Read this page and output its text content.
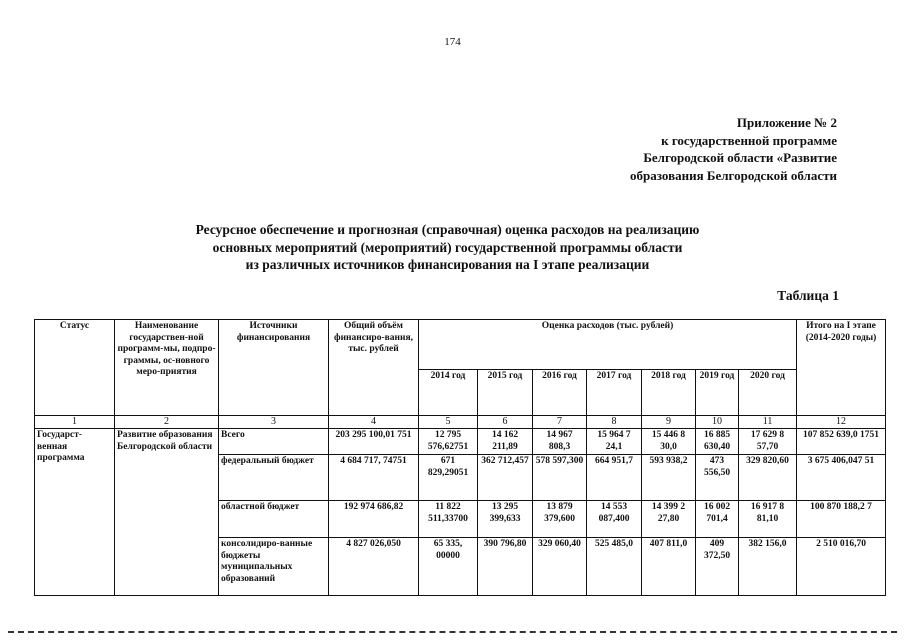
174
Приложение № 2
к государственной программе
Белгородской области «Развитие
образования Белгородской области
Ресурсное обеспечение и прогнозная (справочная) оценка расходов на реализацию
основных мероприятий (мероприятий) государственной программы области
из различных источников финансирования на I этапе реализации
Таблица 1
Статус	Наименование государствен-ной программ-мы, подпро-граммы, ос-новного меро-приятия	Источники финансирования	Общий объём финансиро-вания, тыс. рублей	Оценка расходов (тыс. рублей)							Итого на I этапе (2014-2020 годы)
				2014 год	2015 год	2016 год	2017 год	2018 год	2019 год	2020 год	
1	2	3	4	5	6	7	8	9	10	11	12
Государст-венная программа	Развитие образования Белгородской области	Всего	203 295 100,01 751	12 795 576,62751	14 162 211,89	14 967 808,3	15 964 7 24,1	15 446 8 30,0	16 885 630,40	17 629 8 57,70	107 852 639,0 1751
		федеральный бюджет	4 684 717, 74751	671 829,29051	362 712,457	578 597,300	664 951,7	593 938,2	473 556,50	329 820,60	3 675 406,047 51
		областной бюджет	192 974 686,82	11 822 511,33700	13 295 399,633	13 879 379,600	14 553 087,400	14 399 2 27,80	16 002 701,4	16 917 8 81,10	100 870 188,2 7
		консолидиро-ванные бюджеты муниципальных образований	4 827 026,050	65 335, 00000	390 796,80	329 060,40	525 485,0	407 811,0	409 372,50	382 156,0	2 510 016,70
